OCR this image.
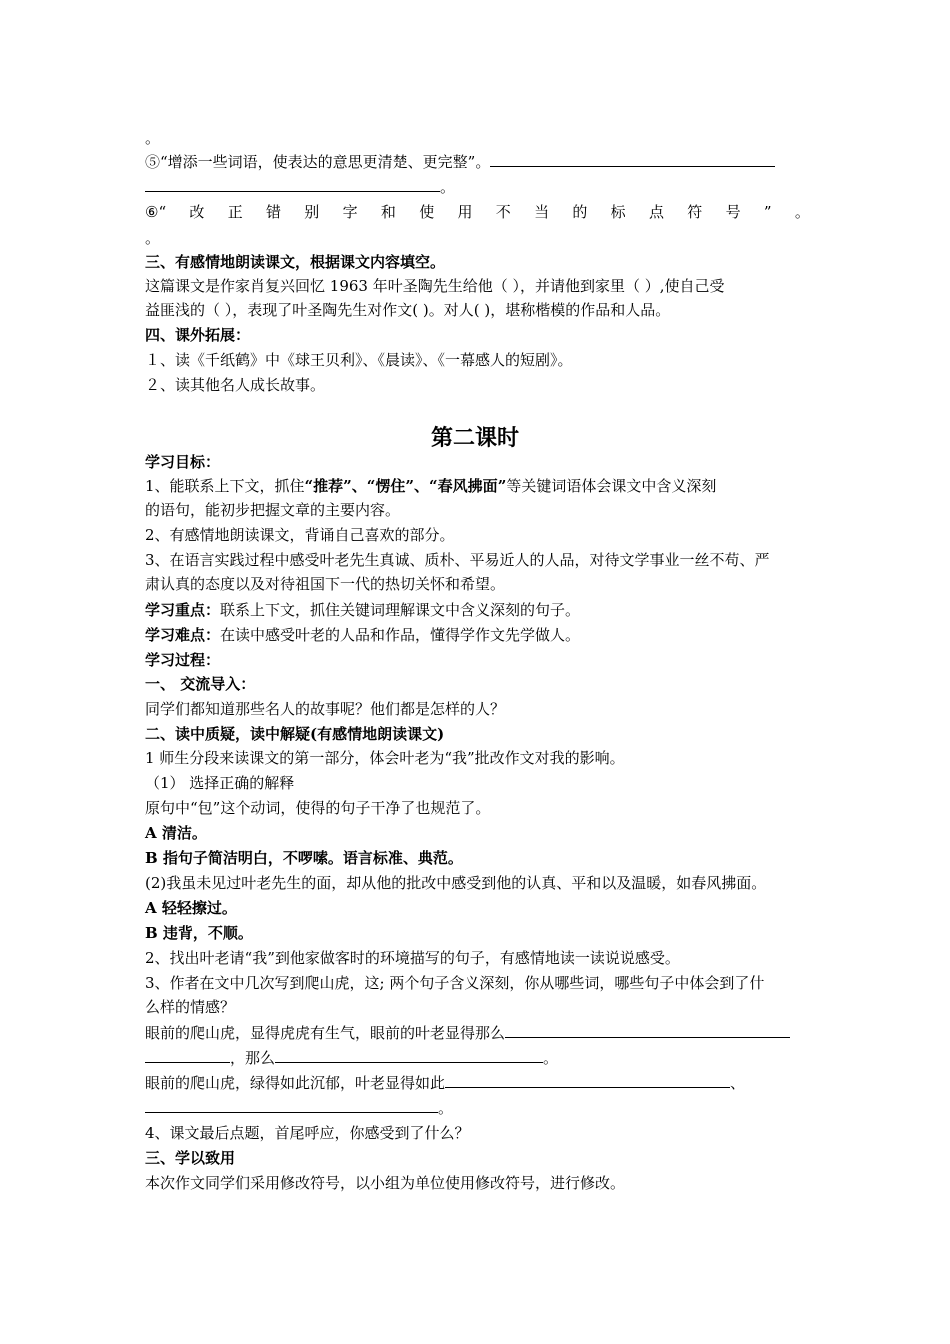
。
⑤“增添一些词语，使表达的意思更清楚、更完整”。
。
⑥“ 改 正 错 别 字 和 使 用 不 当 的 标 点 符 号 ” 。
。
三、有感情地朗读课文，根据课文内容填空。
这篇课文是作家肖复兴回忆 1963 年叶圣陶先生给他（ ），并请他到家里（ ）,使自己受
益匪浅的（ ），表现了叶圣陶先生对作文( )。对人( )，堪称楷模的作品和人品。
四、课外拓展：
１、读《千纸鹤》中《球王贝利》、《晨读》、《一幕感人的短剧》。
２、读其他名人成长故事。
第二课时
学习目标：
1、能联系上下文，抓住“推荐”、“愣住”、“春风拂面”等关键词语体会课文中含义深刻
的语句，能初步把握文章的主要内容。
2、有感情地朗读课文，背诵自己喜欢的部分。
3、在语言实践过程中感受叶老先生真诚、质朴、平易近人的人品，对待文学事业一丝不苟、严
肃认真的态度以及对待祖国下一代的热切关怀和希望。
学习重点：联系上下文，抓住关键词理解课文中含义深刻的句子。
学习难点：在读中感受叶老的人品和作品，懂得学作文先学做人。
学习过程：
一、 交流导入：
同学们都知道那些名人的故事呢？他们都是怎样的人？
二、读中质疑，读中解疑(有感情地朗读课文)
1 师生分段来读课文的第一部分，体会叶老为“我”批改作文对我的影响。
（1） 选择正确的解释
原句中“包”这个动词，使得的句子干净了也规范了。
A 清洁。
B 指句子简洁明白，不啰嗦。语言标准、典范。
(2)我虽未见过叶老先生的面，却从他的批改中感受到他的认真、平和以及温暖，如春风拂面。
A 轻轻擦过。
B 违背，不顺。
2、找出叶老请“我”到他家做客时的环境描写的句子，有感情地读一读说说感受。
3、作者在文中几次写到爬山虎，这; 两个句子含义深刻，你从哪些词，哪些句子中体会到了什
么样的情感？
眼前的爬山虎，显得虎虎有生气，眼前的叶老显得那么
，那么	。
眼前的爬山虎，绿得如此沉郁，叶老显得如此	、
。
4、课文最后点题，首尾呼应，你感受到了什么？
三、学以致用
本次作文同学们采用修改符号，以小组为单位使用修改符号，进行修改。
